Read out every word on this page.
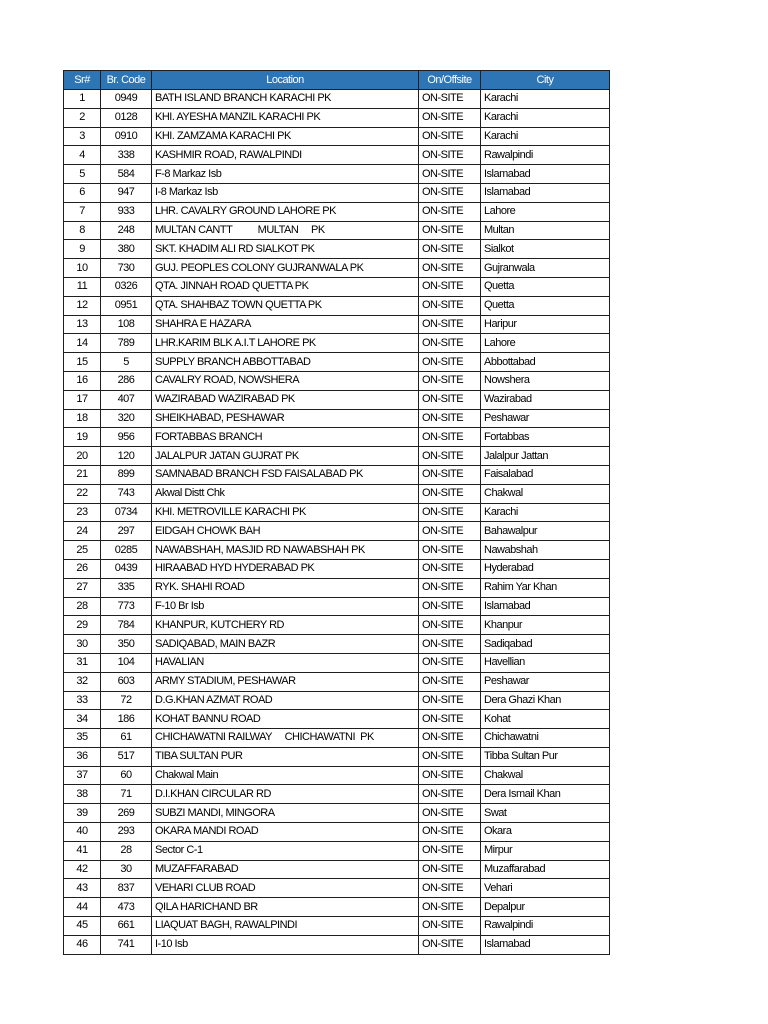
Sr#	Br. Code	Location	On/Offsite	City
1	0949	BATH ISLAND BRANCH KARACHI PK	ON-SITE	Karachi
2	0128	KHI. AYESHA MANZIL KARACHI PK	ON-SITE	Karachi
3	0910	KHI. ZAMZAMA KARACHI PK	ON-SITE	Karachi
4	338	KASHMIR ROAD, RAWALPINDI	ON-SITE	Rawalpindi
5	584	F-8 Markaz Isb	ON-SITE	Islamabad
6	947	I-8 Markaz Isb	ON-SITE	Islamabad
7	933	LHR. CAVALRY GROUND LAHORE PK	ON-SITE	Lahore
8	248	MULTAN CANTT          MULTAN     PK	ON-SITE	Multan
9	380	SKT. KHADIM ALI RD SIALKOT PK	ON-SITE	Sialkot
10	730	GUJ. PEOPLES COLONY GUJRANWALA PK	ON-SITE	Gujranwala
11	0326	QTA. JINNAH ROAD QUETTA PK	ON-SITE	Quetta
12	0951	QTA. SHAHBAZ TOWN QUETTA PK	ON-SITE	Quetta
13	108	SHAHRA E HAZARA	ON-SITE	Haripur
14	789	LHR.KARIM BLK A.I.T LAHORE PK	ON-SITE	Lahore
15	5	SUPPLY BRANCH ABBOTTABAD	ON-SITE	Abbottabad
16	286	CAVALRY ROAD, NOWSHERA	ON-SITE	Nowshera
17	407	WAZIRABAD WAZIRABAD PK	ON-SITE	Wazirabad
18	320	SHEIKHABAD, PESHAWAR	ON-SITE	Peshawar
19	956	FORTABBAS BRANCH	ON-SITE	Fortabbas
20	120	JALALPUR JATAN GUJRAT PK	ON-SITE	Jalalpur Jattan
21	899	SAMNABAD BRANCH FSD FAISALABAD PK	ON-SITE	Faisalabad
22	743	Akwal Distt Chk	ON-SITE	Chakwal
23	0734	KHI. METROVILLE KARACHI PK	ON-SITE	Karachi
24	297	EIDGAH CHOWK BAH	ON-SITE	Bahawalpur
25	0285	NAWABSHAH, MASJID RD NAWABSHAH PK	ON-SITE	Nawabshah
26	0439	HIRAABAD HYD HYDERABAD PK	ON-SITE	Hyderabad
27	335	RYK. SHAHI ROAD	ON-SITE	Rahim Yar Khan
28	773	F-10 Br Isb	ON-SITE	Islamabad
29	784	KHANPUR, KUTCHERY RD	ON-SITE	Khanpur
30	350	SADIQABAD, MAIN BAZR	ON-SITE	Sadiqabad
31	104	HAVALIAN	ON-SITE	Havellian
32	603	ARMY STADIUM, PESHAWAR	ON-SITE	Peshawar
33	72	D.G.KHAN AZMAT ROAD	ON-SITE	Dera Ghazi Khan
34	186	KOHAT BANNU ROAD	ON-SITE	Kohat
35	61	CHICHAWATNI RAILWAY     CHICHAWATNI  PK	ON-SITE	Chichawatni
36	517	TIBA SULTAN PUR	ON-SITE	Tibba Sultan Pur
37	60	Chakwal Main	ON-SITE	Chakwal
38	71	D.I.KHAN CIRCULAR RD	ON-SITE	Dera Ismail Khan
39	269	SUBZI MANDI, MINGORA	ON-SITE	Swat
40	293	OKARA MANDI ROAD	ON-SITE	Okara
41	28	Sector C-1	ON-SITE	Mirpur
42	30	MUZAFFARABAD	ON-SITE	Muzaffarabad
43	837	VEHARI CLUB ROAD	ON-SITE	Vehari
44	473	QILA HARICHAND BR	ON-SITE	Depalpur
45	661	LIAQUAT BAGH, RAWALPINDI	ON-SITE	Rawalpindi
46	741	I-10 Isb	ON-SITE	Islamabad
